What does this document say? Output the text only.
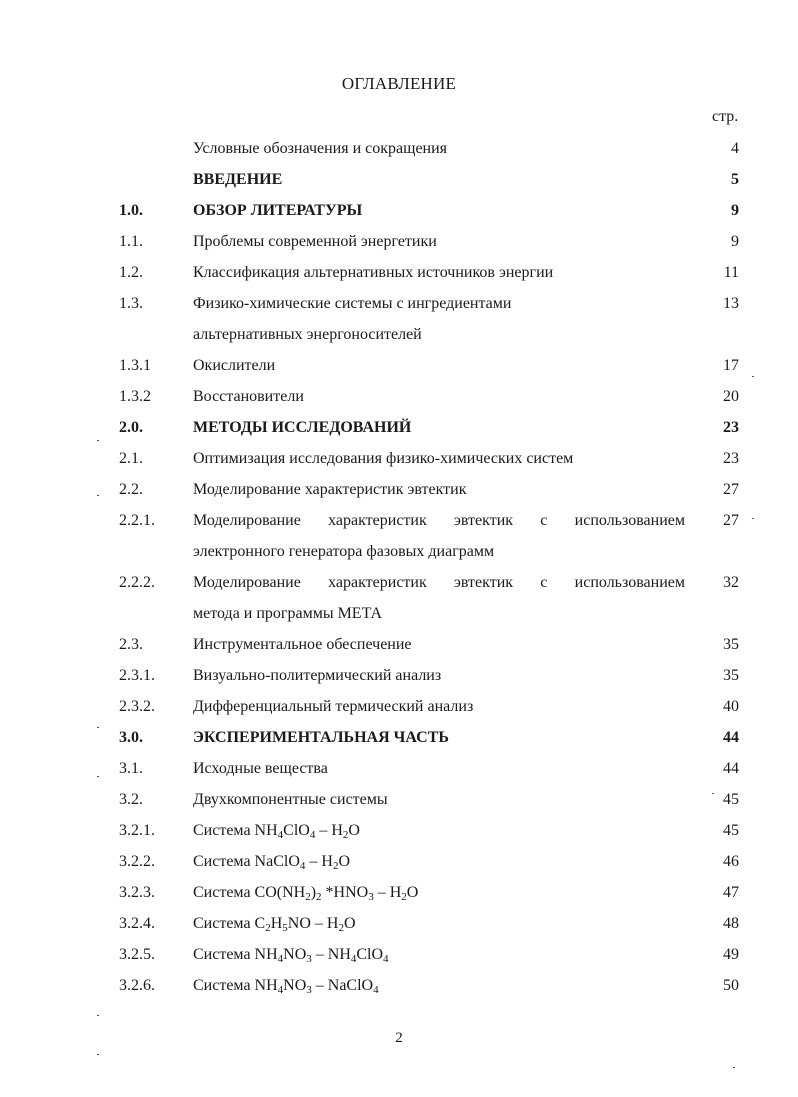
ОГЛАВЛЕНИЕ
стр.
Условные обозначения и сокращения	4
ВВЕДЕНИЕ	5
1.0.	ОБЗОР ЛИТЕРАТУРЫ	9
1.1.	Проблемы современной энергетики	9
1.2.	Классификация альтернативных источников энергии	11
1.3.	Физико-химические системы с ингредиентами	13
альтернативных энергоносителей
1.3.1	Окислители	17
1.3.2	Восстановители	20
2.0.	МЕТОДЫ ИССЛЕДОВАНИЙ	23
2.1.	Оптимизация исследования физико-химических систем	23
2.2.	Моделирование характеристик эвтектик	27
2.2.1.	Моделирование характеристик эвтектик с использованием	27
электронного генератора фазовых диаграмм
2.2.2.	Моделирование характеристик эвтектик с использованием	32
метода и программы МЕТА
2.3.	Инструментальное обеспечение	35
2.3.1.	Визуально-политермический анализ	35
2.3.2.	Дифференциальный термический анализ	40
3.0.	ЭКСПЕРИМЕНТАЛЬНАЯ ЧАСТЬ	44
3.1.	Исходные вещества	44
3.2.	Двухкомпонентные системы	45
3.2.1.	Система $NH_4ClO_4 - H_2O$	45
3.2.2.	Система NaClO$_4$ – $H_2O$	46
3.2.3.	Система $CO(NH_2)_2$ $*HNO_3 - H_2O$	47
3.2.4.	Система $C_2H_5NO - H_2O$	48
3.2.5.	Система $NH_4NO_3 - NH_4ClO_4$	49
3.2.6.	Система $NH_4NO_3$ – NaClO$_4$	50
2
